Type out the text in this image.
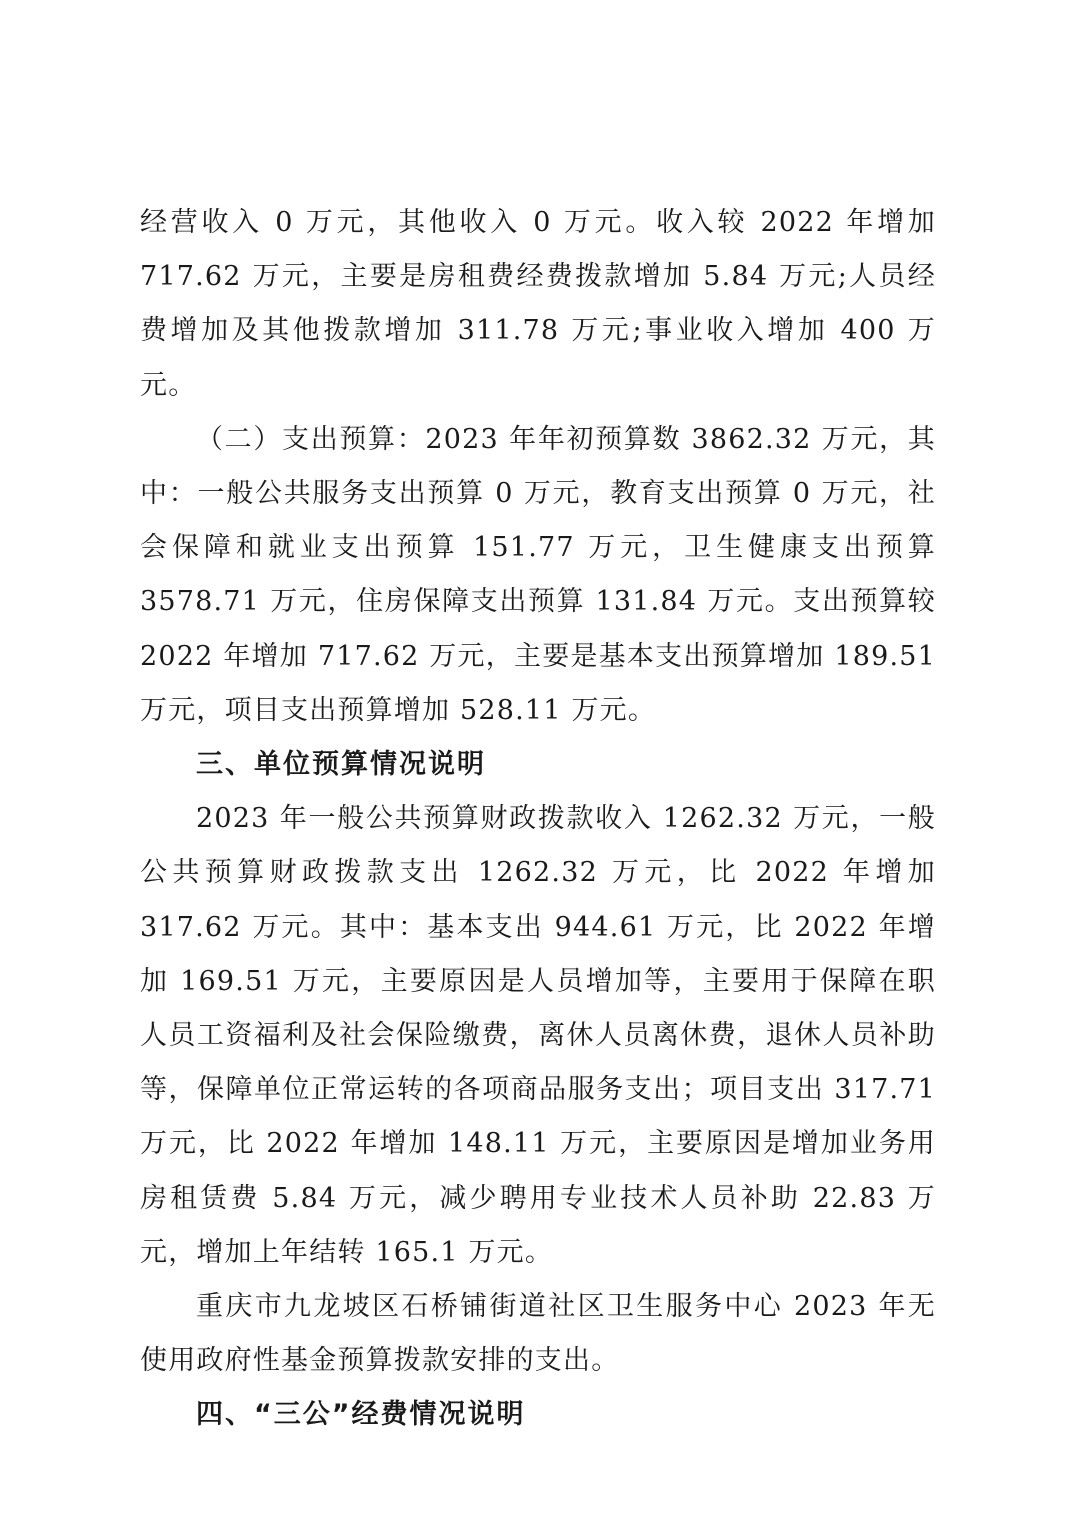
经营收入 0 万元，其他收入 0 万元。收入较 2022 年增加 717.62 万元，主要是房租费经费拨款增加 5.84 万元;人员经费增加及其他拨款增加 311.78 万元;事业收入增加 400 万元。

（二）支出预算：2023 年年初预算数 3862.32 万元，其中：一般公共服务支出预算 0 万元，教育支出预算 0 万元，社会保障和就业支出预算 151.77 万元，卫生健康支出预算 3578.71 万元，住房保障支出预算 131.84 万元。支出预算较 2022 年增加 717.62 万元，主要是基本支出预算增加 189.51 万元，项目支出预算增加 528.11 万元。

三、单位预算情况说明

2023 年一般公共预算财政拨款收入 1262.32 万元，一般公共预算财政拨款支出 1262.32 万元，比 2022 年增加 317.62 万元。其中：基本支出 944.61 万元，比 2022 年增加 169.51 万元，主要原因是人员增加等，主要用于保障在职人员工资福利及社会保险缴费，离休人员离休费，退休人员补助等，保障单位正常运转的各项商品服务支出；项目支出 317.71 万元，比 2022 年增加 148.11 万元，主要原因是增加业务用房租赁费 5.84 万元，减少聘用专业技术人员补助 22.83 万元，增加上年结转 165.1 万元。

重庆市九龙坡区石桥铺街道社区卫生服务中心 2023 年无使用政府性基金预算拨款安排的支出。

四、“三公”经费情况说明
